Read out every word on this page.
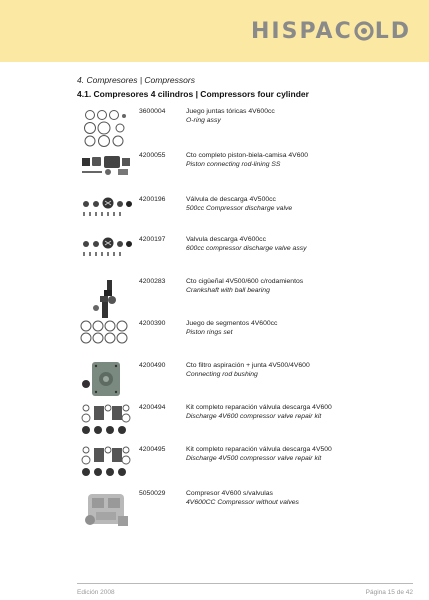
HISPAC LD
4. Compresores | Compressors
4.1. Compresores 4 cilindros | Compressors four cylinder
3600004	Juego juntas tóricas 4V600cc
O-ring assy
4200055	Cto completo piston-biela-camisa 4V600
Piston connecting rod-lining SS
4200196	Válvula de descarga 4V500cc
500cc Compressor discharge valve
4200197	Valvula descarga 4V600cc
600cc compressor discharge valve assy
4200283	Cto cigüeñal 4V500/600 c/rodamientos
Crankshaft with ball bearing
4200390	Juego de segmentos 4V600cc
Piston rings set
4200490	Cto filtro aspiración + junta 4V500/4V600
Connecting rod bushing
4200494	Kit completo reparación válvula descarga 4V600
Discharge 4V600 compressor valve repair kit
4200495	Kit completo reparación válvula descarga 4V500
Discharge 4V500 compressor valve repair kit
5050029	Compresor 4V600 s/valvulas
4V600CC Compressor without valves
Edición 2008	Página 15 de 42
